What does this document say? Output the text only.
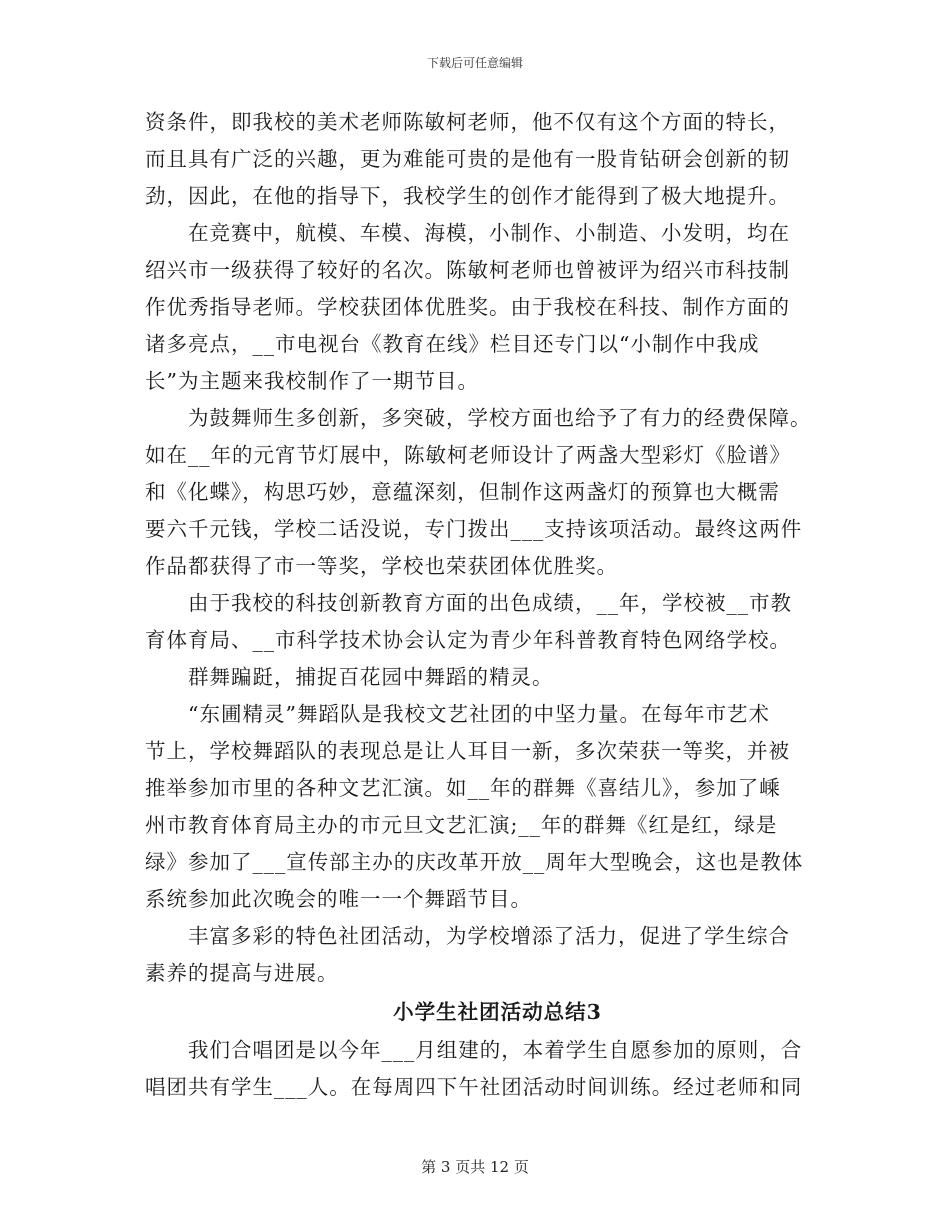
下载后可任意编辑
资条件，即我校的美术老师陈敏柯老师，他不仅有这个方面的特长，
而且具有广泛的兴趣，更为难能可贵的是他有一股肯钻研会创新的韧
劲，因此，在他的指导下，我校学生的创作才能得到了极大地提升。
在竞赛中，航模、车模、海模，小制作、小制造、小发明，均在
绍兴市一级获得了较好的名次。陈敏柯老师也曾被评为绍兴市科技制
作优秀指导老师。学校获团体优胜奖。由于我校在科技、制作方面的
诸多亮点，__市电视台《教育在线》栏目还专门以“小制作中我成
长”为主题来我校制作了一期节目。
为鼓舞师生多创新，多突破，学校方面也给予了有力的经费保障。
如在__年的元宵节灯展中，陈敏柯老师设计了两盏大型彩灯《脸谱》
和《化蝶》，构思巧妙，意蕴深刻，但制作这两盏灯的预算也大概需
要六千元钱，学校二话没说，专门拨出___支持该项活动。最终这两件
作品都获得了市一等奖，学校也荣获团体优胜奖。
由于我校的科技创新教育方面的出色成绩，__年，学校被__市教
育体育局、__市科学技术协会认定为青少年科普教育特色网络学校。
群舞蹁跹，捕捉百花园中舞蹈的精灵。
“东圃精灵”舞蹈队是我校文艺社团的中坚力量。在每年市艺术
节上，学校舞蹈队的表现总是让人耳目一新，多次荣获一等奖，并被
推举参加市里的各种文艺汇演。如__年的群舞《喜结儿》，参加了嵊
州市教育体育局主办的市元旦文艺汇演;__年的群舞《红是红，绿是
绿》参加了___宣传部主办的庆改革开放__周年大型晚会，这也是教体
系统参加此次晚会的唯一一个舞蹈节目。
丰富多彩的特色社团活动，为学校增添了活力，促进了学生综合
素养的提高与进展。
小学生社团活动总结3
我们合唱团是以今年___月组建的，本着学生自愿参加的原则，合
唱团共有学生___人。在每周四下午社团活动时间训练。经过老师和同
第 3 页共 12 页
